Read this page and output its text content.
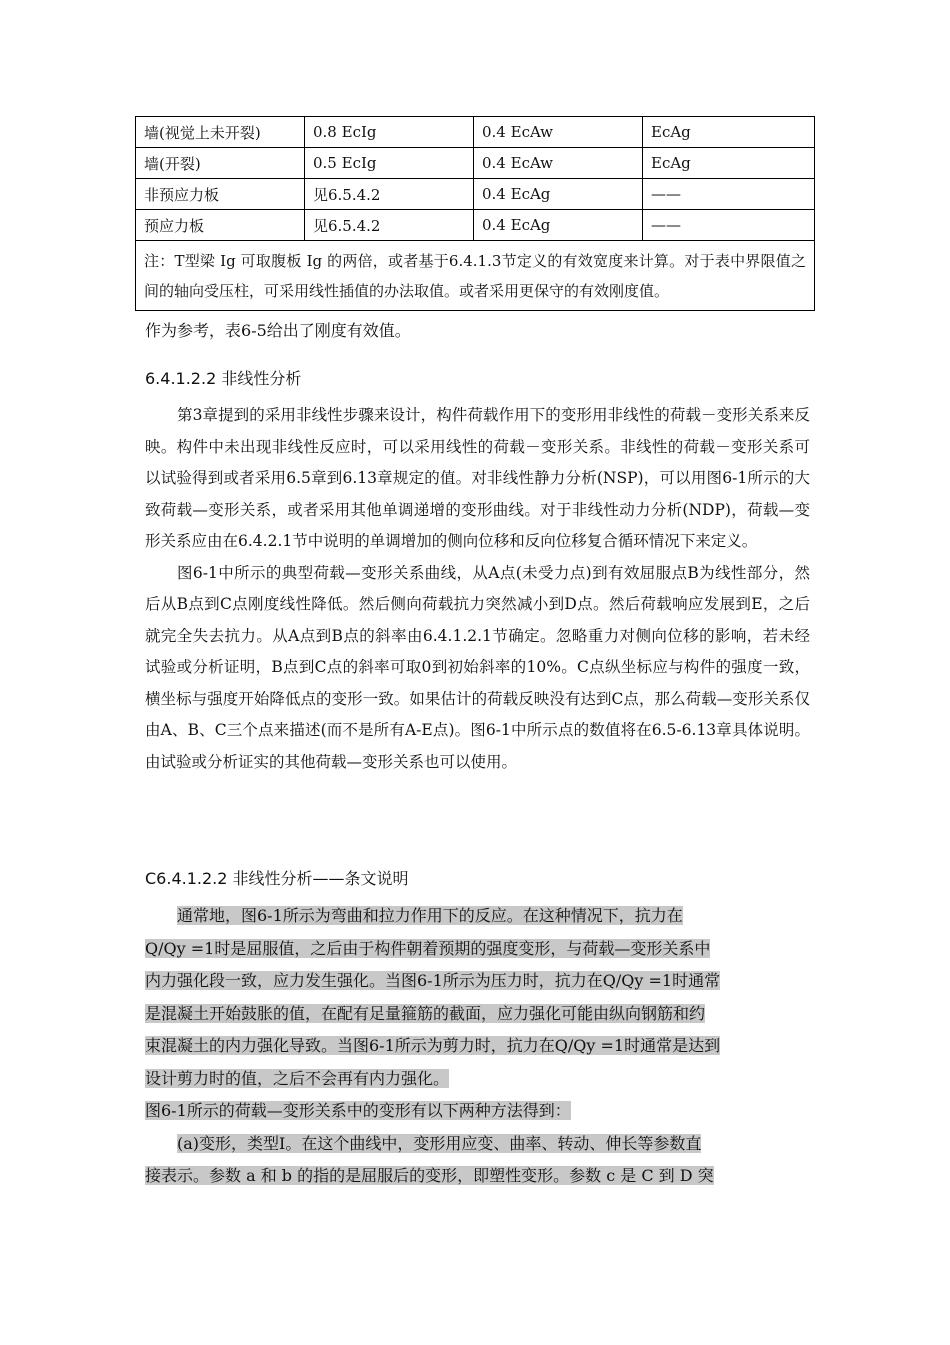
墙(视觉上未开裂)	0.8 EcIg	0.4 EcAw	EcAg
墙(开裂)	0.5 EcIg	0.4 EcAw	EcAg
非预应力板	见6.5.4.2	0.4 EcAg	——
预应力板	见6.5.4.2	0.4 EcAg	——
注：T型梁 Ig 可取腹板 Ig 的两倍，或者基于6.4.1.3节定义的有效宽度来计算。对于表中界限值之间的轴向受压柱，可采用线性插值的办法取值。或者采用更保守的有效刚度值。			
作为参考，表6-5给出了刚度有效值。
6.4.1.2.2 非线性分析

第3章提到的采用非线性步骤来设计，构件荷载作用下的变形用非线性的荷载－变形关系来反映。构件中未出现非线性反应时，可以采用线性的荷载－变形关系。非线性的荷载－变形关系可以试验得到或者采用6.5章到6.13章规定的值。对非线性静力分析(NSP)，可以用图6-1所示的大致荷载—变形关系，或者采用其他单调递增的变形曲线。对于非线性动力分析(NDP)，荷载—变形关系应由在6.4.2.1节中说明的单调增加的侧向位移和反向位移复合循环情况下来定义。

图6-1中所示的典型荷载—变形关系曲线，从A点(未受力点)到有效屈服点B为线性部分，然后从B点到C点刚度线性降低。然后侧向荷载抗力突然减小到D点。然后荷载响应发展到E，之后就完全失去抗力。从A点到B点的斜率由6.4.1.2.1节确定。忽略重力对侧向位移的影响，若未经试验或分析证明，B点到C点的斜率可取0到初始斜率的10%。C点纵坐标应与构件的强度一致，横坐标与强度开始降低点的变形一致。如果估计的荷载反映没有达到C点，那么荷载—变形关系仅由A、B、C三个点来描述(而不是所有A-E点)。图6-1中所示点的数值将在6.5-6.13章具体说明。由试验或分析证实的其他荷载—变形关系也可以使用。

C6.4.1.2.2 非线性分析——条文说明

通常地，图6-1所示为弯曲和拉力作用下的反应。在这种情况下，抗力在

Q/Qy =1时是屈服值，之后由于构件朝着预期的强度变形，与荷载—变形关系中

内力强化段一致，应力发生强化。当图6-1所示为压力时，抗力在Q/Qy =1时通常

是混凝土开始鼓胀的值，在配有足量箍筋的截面，应力强化可能由纵向钢筋和约

束混凝土的内力强化导致。当图6-1所示为剪力时，抗力在Q/Qy =1时通常是达到

设计剪力时的值，之后不会再有内力强化。

图6-1所示的荷载—变形关系中的变形有以下两种方法得到：

(a)变形，类型Ⅰ。在这个曲线中，变形用应变、曲率、转动、伸长等参数直

接表示。参数 a 和 b 的指的是屈服后的变形，即塑性变形。参数 c 是 C 到 D 突
